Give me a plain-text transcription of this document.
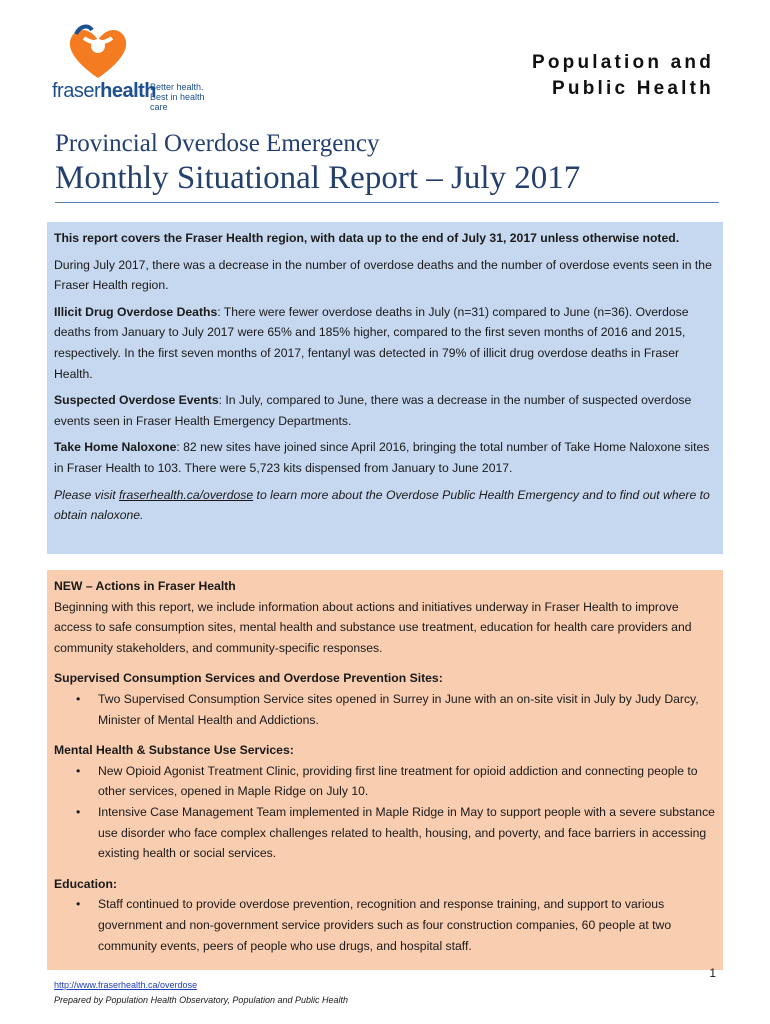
fraserhealth
Better health.
Best in health care
Population and
Public Health
Provincial Overdose Emergency
Monthly Situational Report – July 2017

This report covers the Fraser Health region, with data up to the end of July 31, 2017 unless otherwise noted.

During July 2017, there was a decrease in the number of overdose deaths and the number of overdose events seen in the Fraser Health region.

Illicit Drug Overdose Deaths: There were fewer overdose deaths in July (n=31) compared to June (n=36). Overdose deaths from January to July 2017 were 65% and 185% higher, compared to the first seven months of 2016 and 2015, respectively. In the first seven months of 2017, fentanyl was detected in 79% of illicit drug overdose deaths in Fraser Health.

Suspected Overdose Events: In July, compared to June, there was a decrease in the number of suspected overdose events seen in Fraser Health Emergency Departments.

Take Home Naloxone: 82 new sites have joined since April 2016, bringing the total number of Take Home Naloxone sites in Fraser Health to 103. There were 5,723 kits dispensed from January to June 2017.

Please visit fraserhealth.ca/overdose to learn more about the Overdose Public Health Emergency and to find out where to obtain naloxone.

NEW – Actions in Fraser Health
Beginning with this report, we include information about actions and initiatives underway in Fraser Health to improve access to safe consumption sites, mental health and substance use treatment, education for health care providers and community stakeholders, and community-specific responses.
Supervised Consumption Services and Overdose Prevention Sites:
• Two Supervised Consumption Service sites opened in Surrey in June with an on-site visit in July by Judy Darcy, Minister of Mental Health and Addictions.
Mental Health & Substance Use Services:
• New Opioid Agonist Treatment Clinic, providing first line treatment for opioid addiction and connecting people to other services, opened in Maple Ridge on July 10.
• Intensive Case Management Team implemented in Maple Ridge in May to support people with a severe substance use disorder who face complex challenges related to health, housing, and poverty, and face barriers in accessing existing health or social services.
Education:
• Staff continued to provide overdose prevention, recognition and response training, and support to various government and non-government service providers such as four construction companies, 60 people at two community events, peers of people who use drugs, and hospital staff.
1
http://www.fraserhealth.ca/overdose
Prepared by Population Health Observatory, Population and Public Health
